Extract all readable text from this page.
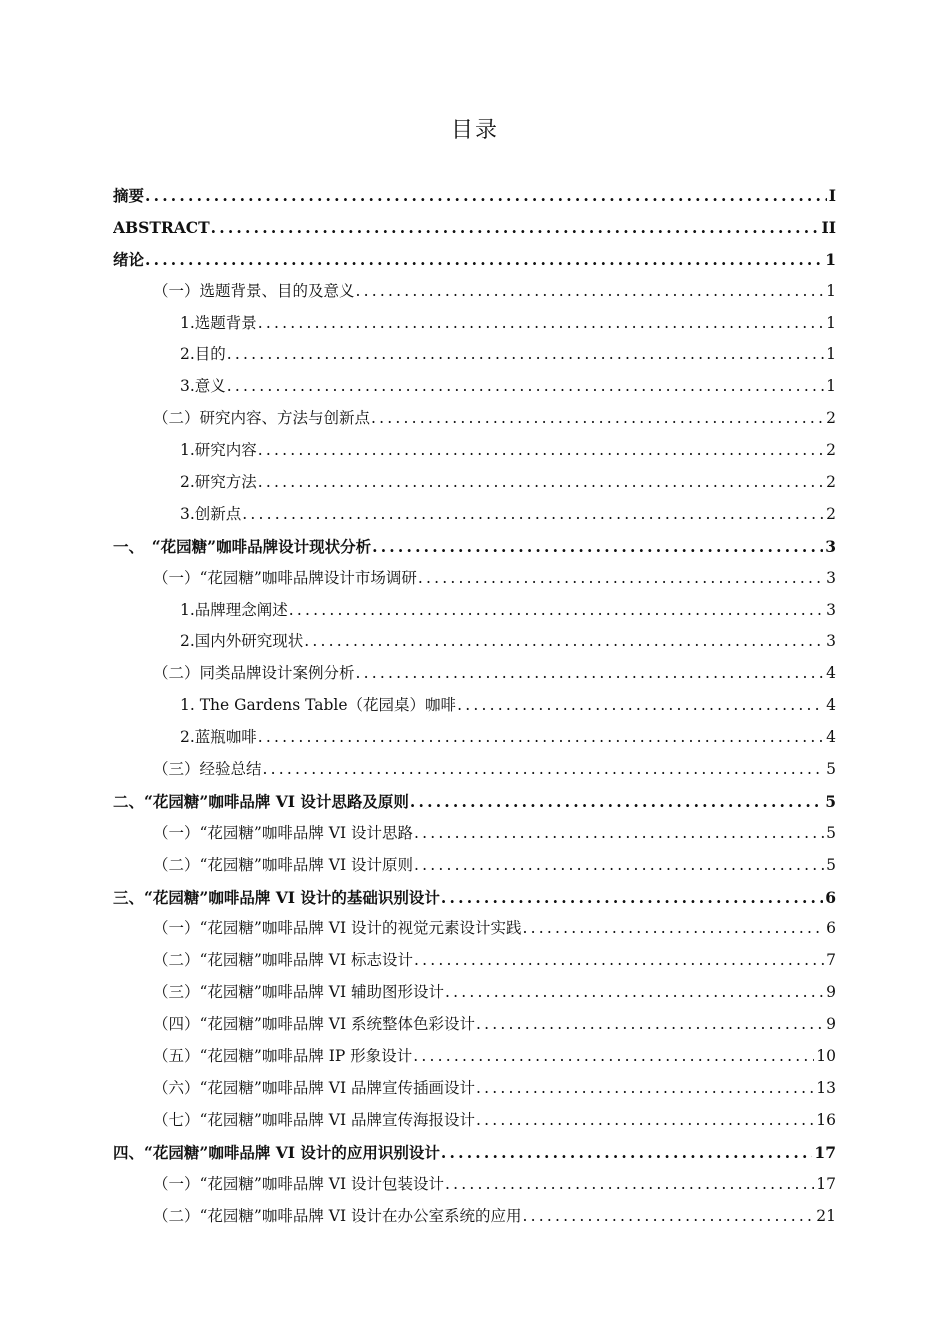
目录
摘要 .....	I
ABSTRACT .....	II
绪论 .....	1
（一）选题背景、目的及意义 .....	1
1.选题背景 .....	1
2.目的 .....	1
3.意义 .....	1
（二）研究内容、方法与创新点 .....	2
1.研究内容 .....	2
2.研究方法 .....	2
3.创新点 .....	2
一、　“花园糖”咖啡品牌设计现状分析 .....	3
（一）“花园糖”咖啡品牌设计市场调研 .....	3
1.品牌理念阐述 .....	3
2.国内外研究现状 .....	3
（二）同类品牌设计案例分析 .....	4
1. The Gardens Table（花园桌）咖啡 .....	4
2.蓝瓶咖啡 .....	4
（三）经验总结 .....	5
二、“花园糖”咖啡品牌 VI 设计思路及原则 .....	5
（一）“花园糖”咖啡品牌 VI 设计思路 .....	5
（二）“花园糖”咖啡品牌 VI 设计原则 .....	5
三、“花园糖”咖啡品牌 VI 设计的基础识别设计 .....	6
（一）“花园糖”咖啡品牌 VI 设计的视觉元素设计实践 .....	6
（二）“花园糖”咖啡品牌 VI 标志设计 .....	7
（三）“花园糖”咖啡品牌 VI 辅助图形设计 .....	9
（四）“花园糖”咖啡品牌 VI 系统整体色彩设计 .....	9
（五）“花园糖”咖啡品牌 IP 形象设计 .....	10
（六）“花园糖”咖啡品牌 VI 品牌宣传插画设计 .....	13
（七）“花园糖”咖啡品牌 VI 品牌宣传海报设计 .....	16
四、“花园糖”咖啡品牌 VI 设计的应用识别设计 .....	17
（一）“花园糖”咖啡品牌 VI 设计包装设计 .....	17
（二）“花园糖”咖啡品牌 VI 设计在办公室系统的应用 .....	21
